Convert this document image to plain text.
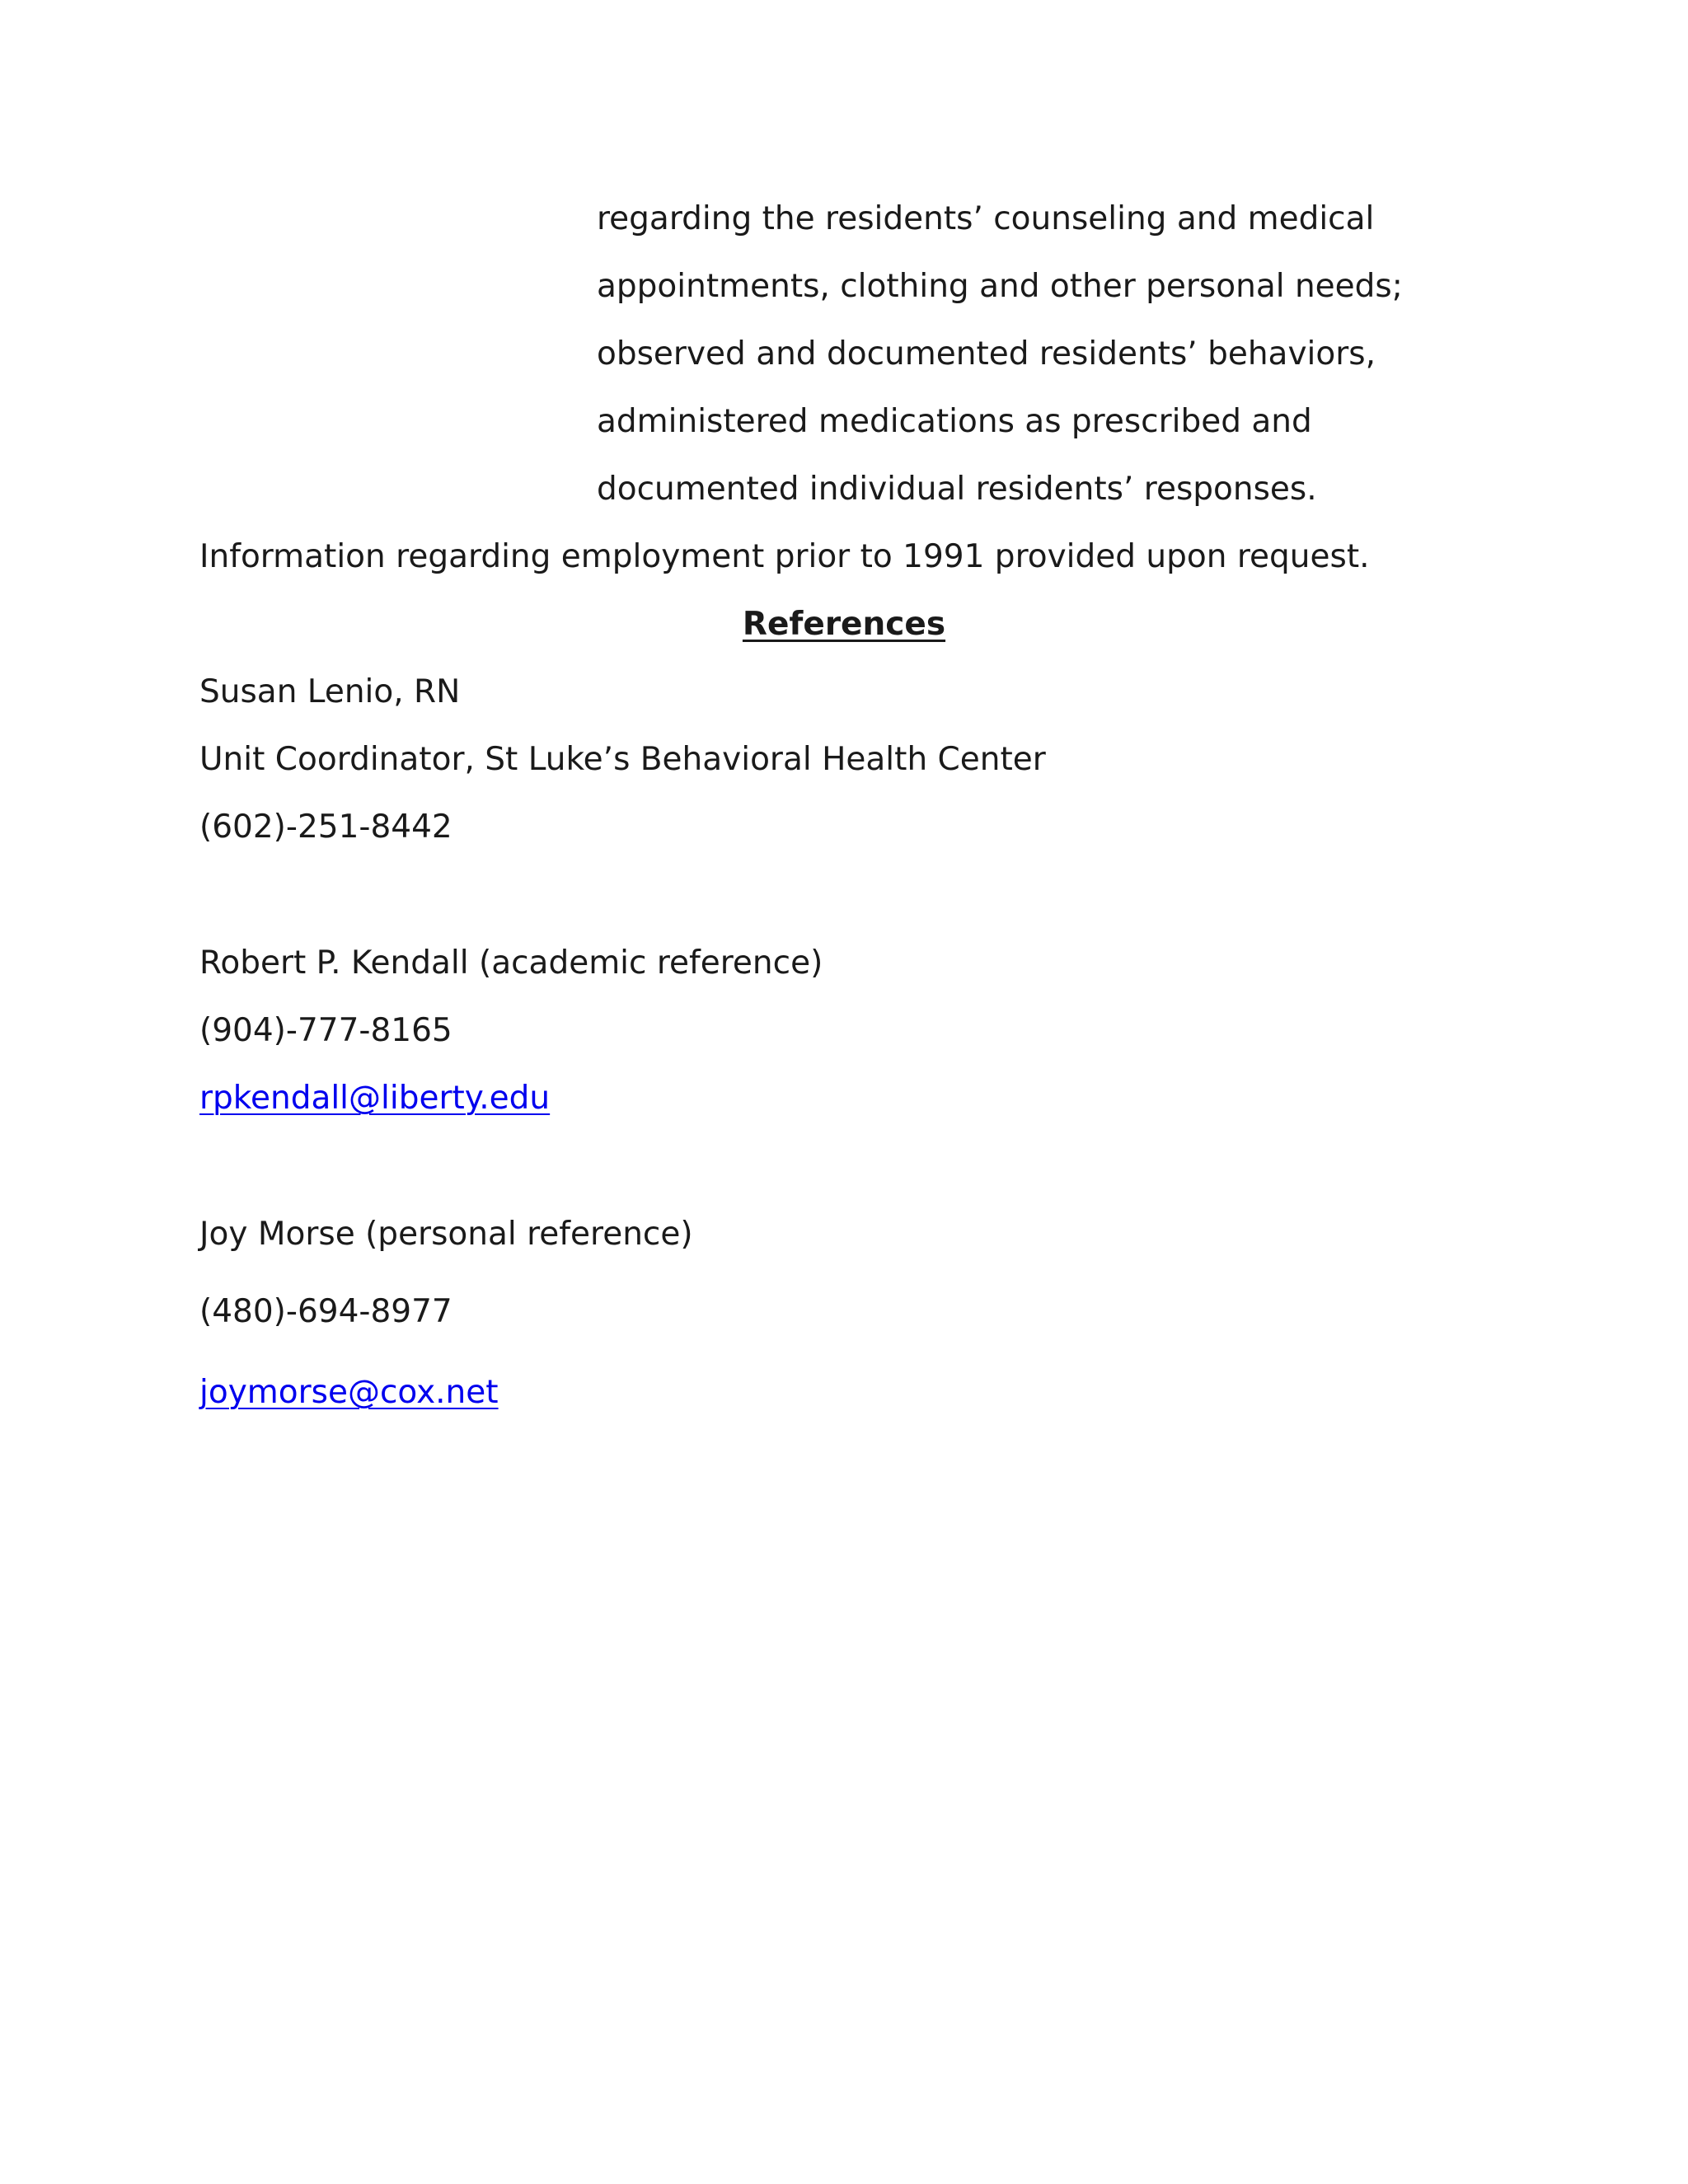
regarding the residents’ counseling and medical
appointments, clothing and other personal needs;
observed and documented residents’ behaviors,
administered medications as prescribed and
documented individual residents’ responses.
Information regarding employment prior to 1991 provided upon request.
References
Susan Lenio, RN
Unit Coordinator, St Luke’s Behavioral Health Center
(602)-251-8442
Robert P. Kendall (academic reference)
(904)-777-8165
rpkendall@liberty.edu
Joy Morse (personal reference)
(480)-694-8977
joymorse@cox.net
